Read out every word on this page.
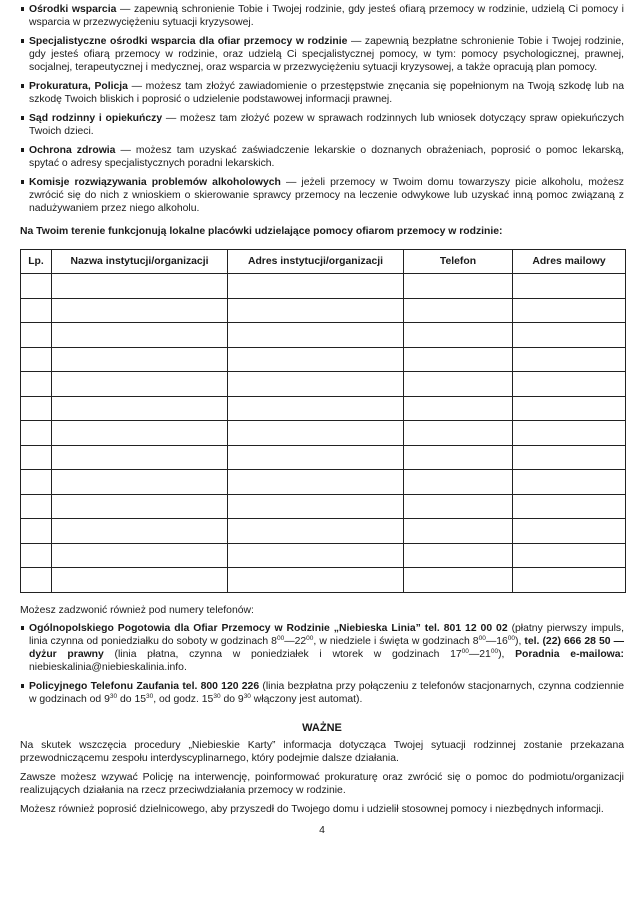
Ośrodki wsparcia — zapewnią schronienie Tobie i Twojej rodzinie, gdy jesteś ofiarą przemocy w rodzinie, udzielą Ci pomocy i wsparcia w przezwyciężeniu sytuacji kryzysowej.
Specjalistyczne ośrodki wsparcia dla ofiar przemocy w rodzinie — zapewnią bezpłatne schronienie Tobie i Twojej rodzinie, gdy jesteś ofiarą przemocy w rodzinie, oraz udzielą Ci specjalistycznej pomocy, w tym: pomocy psychologicznej, prawnej, socjalnej, terapeutycznej i medycznej, oraz wsparcia w przezwyciężeniu sytuacji kryzysowej, a także opracują plan pomocy.
Prokuratura, Policja — możesz tam złożyć zawiadomienie o przestępstwie znęcania się popełnionym na Twoją szkodę lub na szkodę Twoich bliskich i poprosić o udzielenie podstawowej informacji prawnej.
Sąd rodzinny i opiekuńczy — możesz tam złożyć pozew w sprawach rodzinnych lub wniosek dotyczący spraw opiekuńczych Twoich dzieci.
Ochrona zdrowia — możesz tam uzyskać zaświadczenie lekarskie o doznanych obrażeniach, poprosić o pomoc lekarską, spytać o adresy specjalistycznych poradni lekarskich.
Komisje rozwiązywania problemów alkoholowych — jeżeli przemocy w Twoim domu towarzyszy picie alkoholu, możesz zwrócić się do nich z wnioskiem o skierowanie sprawcy przemocy na leczenie odwykowe lub uzyskać inną pomoc związaną z nadużywaniem przez niego alkoholu.
Na Twoim terenie funkcjonują lokalne placówki udzielające pomocy ofiarom przemocy w rodzinie:
Lp.	Nazwa instytucji/organizacji	Adres instytucji/organizacji	Telefon	Adres mailowy

Możesz zadzwonić również pod numery telefonów:
Ogólnopolskiego Pogotowia dla Ofiar Przemocy w Rodzinie „Niebieska Linia” tel. 801 12 00 02 (płatny pierwszy impuls, linia czynna od poniedziałku do soboty w godzinach $8^{00}—22^{00}$, w niedziele i święta w godzinach $8^{00}—16^{00}$), tel. (22) 666 28 50 — dyżur prawny (linia płatna, czynna w poniedziałek i wtorek w godzinach $17^{00}—21^{00}$), Poradnia e-mailowa: niebieskalinia@niebieskalinia.info.
Policyjnego Telefonu Zaufania tel. 800 120 226 (linia bezpłatna przy połączeniu z telefonów stacjonarnych, czynna codziennie w godzinach od $9^{30}$ do $15^{30}$, od godz. $15^{30}$ do $9^{30}$ włączony jest automat).
WAŻNE

Na skutek wszczęcia procedury „Niebieskie Karty” informacja dotycząca Twojej sytuacji rodzinnej zostanie przekazana przewodniczącemu zespołu interdyscyplinarnego, który podejmie dalsze działania.

Zawsze możesz wzywać Policję na interwencję, poinformować prokuraturę oraz zwrócić się o pomoc do podmiotu/organizacji realizujących działania na rzecz przeciwdziałania przemocy w rodzinie.

Możesz również poprosić dzielnicowego, aby przyszedł do Twojego domu i udzielił stosownej pomocy i niezbędnych informacji.

4
